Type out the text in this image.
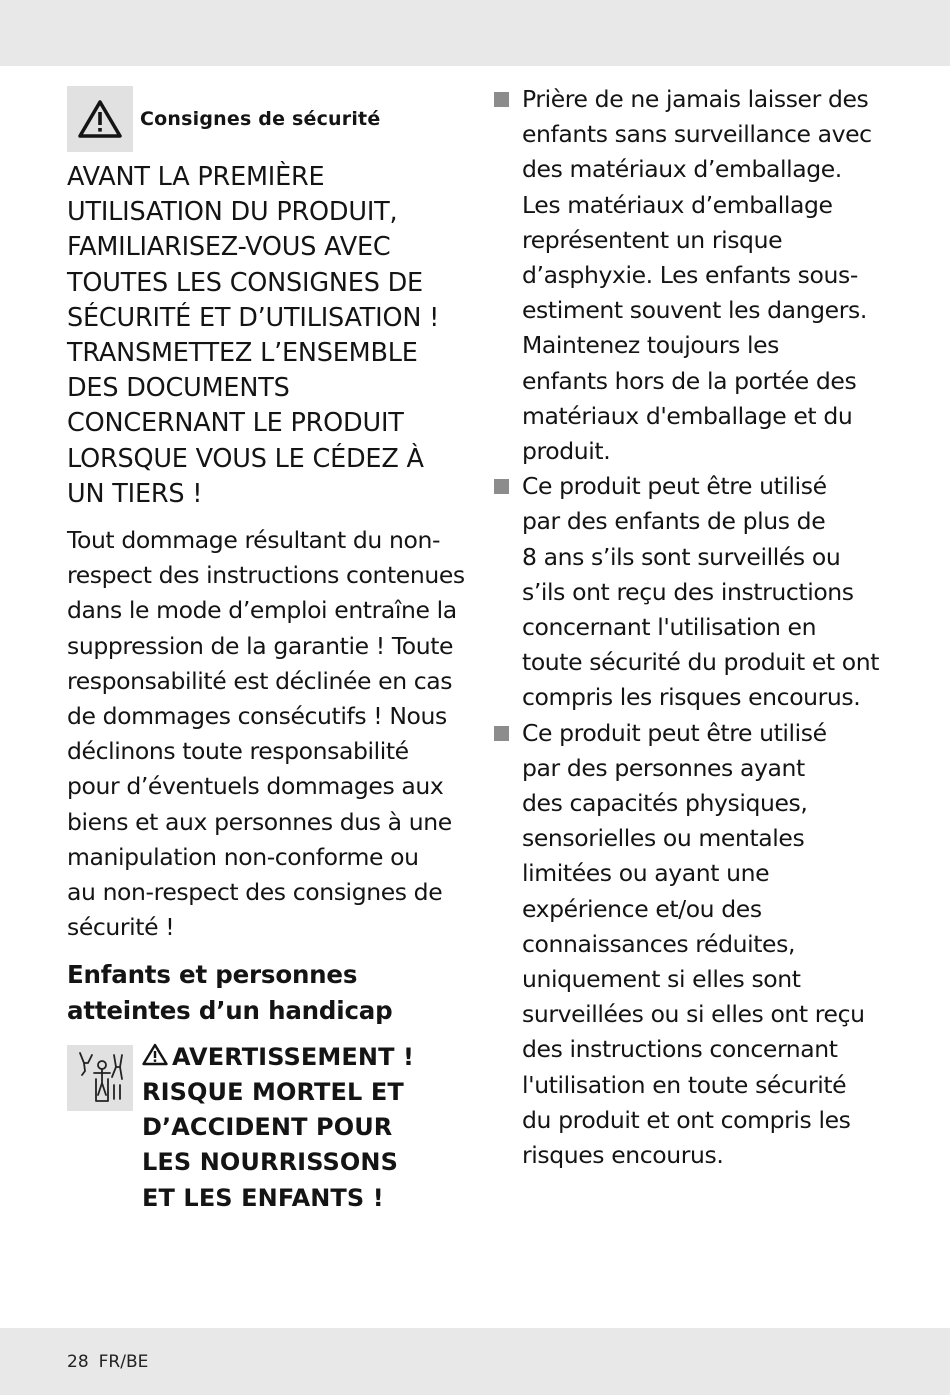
Consignes de sécurité
AVANT LA PREMIÈRE
UTILISATION DU PRODUIT,
FAMILIARISEZ-VOUS AVEC
TOUTES LES CONSIGNES DE
SÉCURITÉ ET D’UTILISATION !
TRANSMETTEZ L’ENSEMBLE
DES DOCUMENTS
CONCERNANT LE PRODUIT
LORSQUE VOUS LE CÉDEZ À
UN TIERS !
Tout dommage résultant du non-
respect des instructions contenues
dans le mode d’emploi entraîne la
suppression de la garantie ! Toute
responsabilité est déclinée en cas
de dommages consécutifs ! Nous
déclinons toute responsabilité
pour d’éventuels dommages aux
biens et aux personnes dus à une
manipulation non-conforme ou
au non-respect des consignes de
sécurité !
Enfants et personnes
atteintes d’un handicap
AVERTISSEMENT !
RISQUE MORTEL ET
D’ACCIDENT POUR
LES NOURRISSONS
ET LES ENFANTS !
Prière de ne jamais laisser des
enfants sans surveillance avec
des matériaux d’emballage.
Les matériaux d’emballage
représentent un risque
d’asphyxie. Les enfants sous-
estiment souvent les dangers.
Maintenez toujours les
enfants hors de la portée des
matériaux d'emballage et du
produit.
Ce produit peut être utilisé
par des enfants de plus de
8 ans s’ils sont surveillés ou
s’ils ont reçu des instructions
concernant l'utilisation en
toute sécurité du produit et ont
compris les risques encourus.
Ce produit peut être utilisé
par des personnes ayant
des capacités physiques,
sensorielles ou mentales
limitées ou ayant une
expérience et/ou des
connaissances réduites,
uniquement si elles sont
surveillées ou si elles ont reçu
des instructions concernant
l'utilisation en toute sécurité
du produit et ont compris les
risques encourus.
28 FR/BE
